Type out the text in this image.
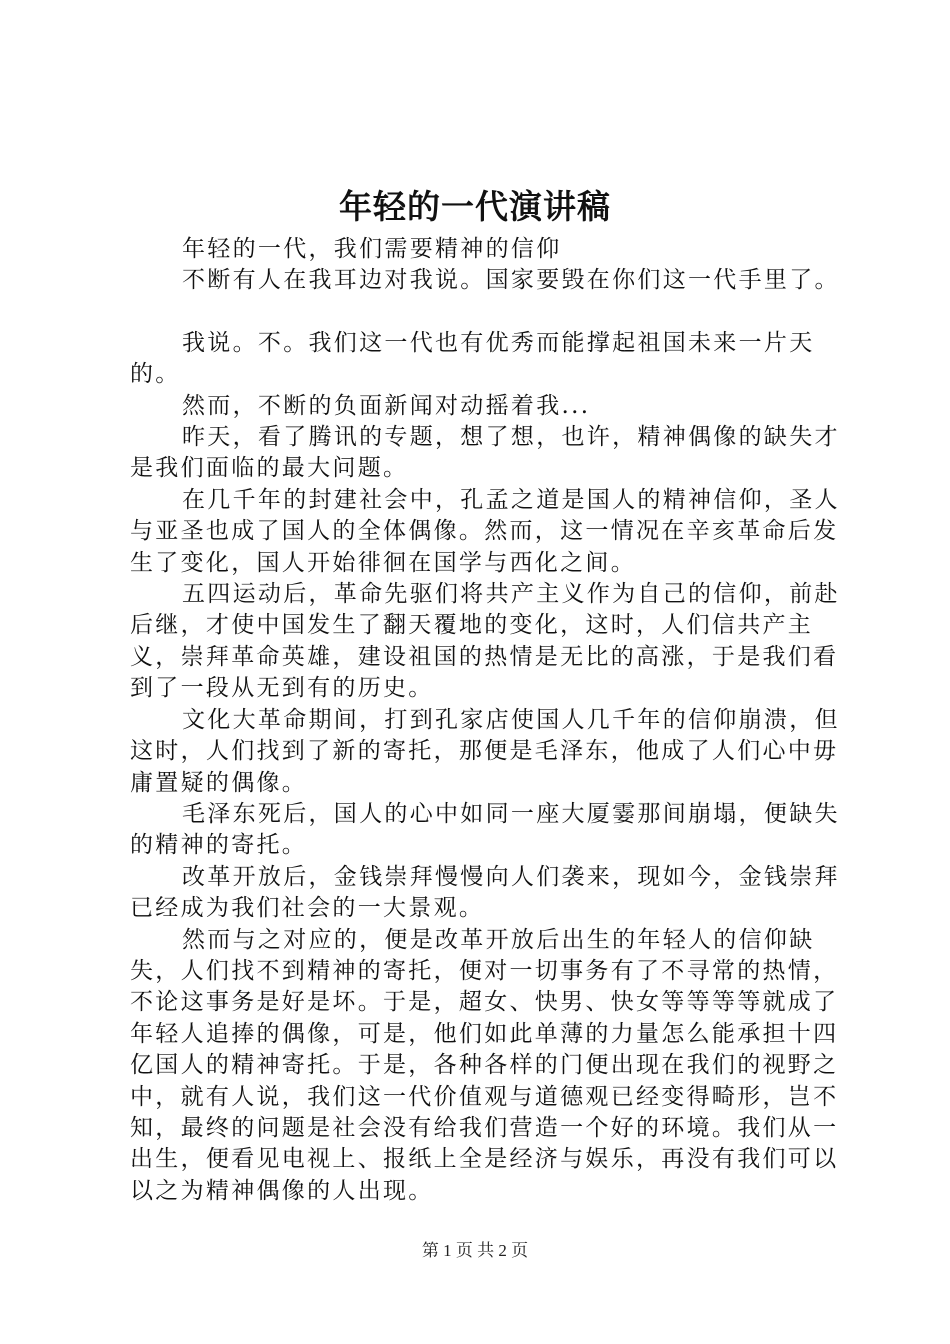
年轻的一代演讲稿

年轻的一代，我们需要精神的信仰

不断有人在我耳边对我说。国家要毁在你们这一代手里了。

我说。不。我们这一代也有优秀而能撑起祖国未来一片天的。

然而，不断的负面新闻对动摇着我...

昨天，看了腾讯的专题，想了想，也许，精神偶像的缺失才是我们面临的最大问题。

在几千年的封建社会中，孔孟之道是国人的精神信仰，圣人与亚圣也成了国人的全体偶像。然而，这一情况在辛亥革命后发生了变化，国人开始徘徊在国学与西化之间。

五四运动后，革命先驱们将共产主义作为自己的信仰，前赴后继，才使中国发生了翻天覆地的变化，这时，人们信共产主义，崇拜革命英雄，建设祖国的热情是无比的高涨，于是我们看到了一段从无到有的历史。

文化大革命期间，打到孔家店使国人几千年的信仰崩溃，但这时，人们找到了新的寄托，那便是毛泽东，他成了人们心中毋庸置疑的偶像。

毛泽东死后，国人的心中如同一座大厦霎那间崩塌，便缺失的精神的寄托。

改革开放后，金钱崇拜慢慢向人们袭来，现如今，金钱崇拜已经成为我们社会的一大景观。

然而与之对应的，便是改革开放后出生的年轻人的信仰缺失，人们找不到精神的寄托，便对一切事务有了不寻常的热情，不论这事务是好是坏。于是，超女、快男、快女等等等等就成了年轻人追捧的偶像，可是，他们如此单薄的力量怎么能承担十四亿国人的精神寄托。于是，各种各样的门便出现在我们的视野之中，就有人说，我们这一代价值观与道德观已经变得畸形，岂不知，最终的问题是社会没有给我们营造一个好的环境。我们从一出生，便看见电视上、报纸上全是经济与娱乐，再没有我们可以以之为精神偶像的人出现。

第 1 页 共 2 页
